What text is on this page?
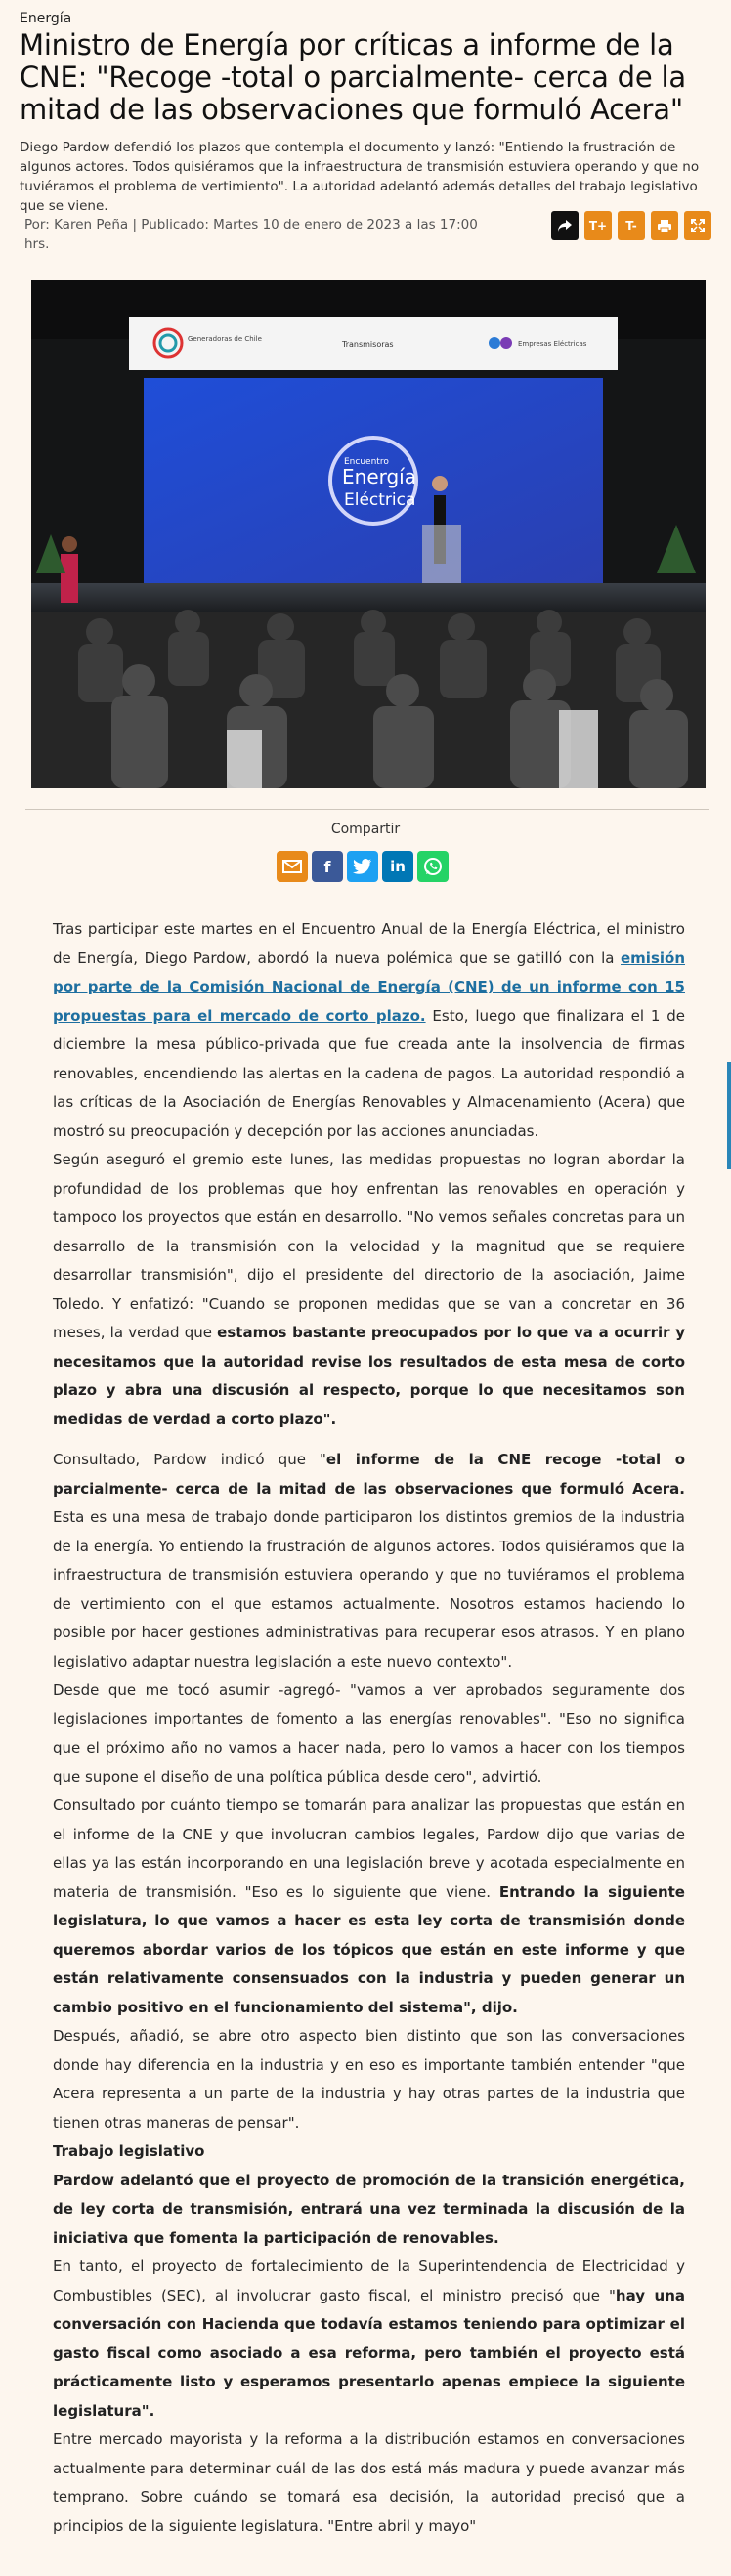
Energía

Ministro de Energía por críticas a informe de la CNE: "Recoge -total o parcialmente- cerca de la mitad de las observaciones que formuló Acera"

Diego Pardow defendió los plazos que contempla el documento y lanzó: "Entiendo la frustración de algunos actores. Todos quisiéramos que la infraestructura de transmisión estuviera operando y que no tuviéramos el problema de vertimiento". La autoridad adelantó además detalles del trabajo legislativo que se viene.

Por: Karen Peña | Publicado: Martes 10 de enero de 2023 a las 17:00 hrs.
T+	T-
Generadoras de Chile
Transmisoras	Empresas Eléctricas
Encuentro
Energía
Eléctrica
Compartir
f	in

Tras participar este martes en el Encuentro Anual de la Energía Eléctrica, el ministro de Energía, Diego Pardow, abordó la nueva polémica que se gatilló con la emisión por parte de la Comisión Nacional de Energía (CNE) de un informe con 15 propuestas para el mercado de corto plazo. Esto, luego que finalizara el 1 de diciembre la mesa público-privada que fue creada ante la insolvencia de firmas renovables, encendiendo las alertas en la cadena de pagos. La autoridad respondió a las críticas de la Asociación de Energías Renovables y Almacenamiento (Acera) que mostró su preocupación y decepción por las acciones anunciadas.

Según aseguró el gremio este lunes, las medidas propuestas no logran abordar la profundidad de los problemas que hoy enfrentan las renovables en operación y tampoco los proyectos que están en desarrollo. "No vemos señales concretas para un desarrollo de la transmisión con la velocidad y la magnitud que se requiere desarrollar transmisión", dijo el presidente del directorio de la asociación, Jaime Toledo. Y enfatizó: "Cuando se proponen medidas que se van a concretar en 36 meses, la verdad que estamos bastante preocupados por lo que va a ocurrir y necesitamos que la autoridad revise los resultados de esta mesa de corto plazo y abra una discusión al respecto, porque lo que necesitamos son medidas de verdad a corto plazo".

Consultado, Pardow indicó que "el informe de la CNE recoge -total o parcialmente- cerca de la mitad de las observaciones que formuló Acera. Esta es una mesa de trabajo donde participaron los distintos gremios de la industria de la energía. Yo entiendo la frustración de algunos actores. Todos quisiéramos que la infraestructura de transmisión estuviera operando y que no tuviéramos el problema de vertimiento con el que estamos actualmente. Nosotros estamos haciendo lo posible por hacer gestiones administrativas para recuperar esos atrasos. Y en plano legislativo adaptar nuestra legislación a este nuevo contexto".

Desde que me tocó asumir -agregó- "vamos a ver aprobados seguramente dos legislaciones importantes de fomento a las energías renovables". "Eso no significa que el próximo año no vamos a hacer nada, pero lo vamos a hacer con los tiempos que supone el diseño de una política pública desde cero", advirtió.

Consultado por cuánto tiempo se tomarán para analizar las propuestas que están en el informe de la CNE y que involucran cambios legales, Pardow dijo que varias de ellas ya las están incorporando en una legislación breve y acotada especialmente en materia de transmisión. "Eso es lo siguiente que viene. Entrando la siguiente legislatura, lo que vamos a hacer es esta ley corta de transmisión donde queremos abordar varios de los tópicos que están en este informe y que están relativamente consensuados con la industria y pueden generar un cambio positivo en el funcionamiento del sistema", dijo.

Después, añadió, se abre otro aspecto bien distinto que son las conversaciones donde hay diferencia en la industria y en eso es importante también entender "que Acera representa a un parte de la industria y hay otras partes de la industria que tienen otras maneras de pensar".

Trabajo legislativo

Pardow adelantó que el proyecto de promoción de la transición energética, de ley corta de transmisión, entrará una vez terminada la discusión de la iniciativa que fomenta la participación de renovables.

En tanto, el proyecto de fortalecimiento de la Superintendencia de Electricidad y Combustibles (SEC), al involucrar gasto fiscal, el ministro precisó que "hay una conversación con Hacienda que todavía estamos teniendo para optimizar el gasto fiscal como asociado a esa reforma, pero también el proyecto está prácticamente listo y esperamos presentarlo apenas empiece la siguiente legislatura".

Entre mercado mayorista y la reforma a la distribución estamos en conversaciones actualmente para determinar cuál de las dos está más madura y puede avanzar más temprano. Sobre cuándo se tomará esa decisión, la autoridad precisó que a principios de la siguiente legislatura. "Entre abril y mayo"
